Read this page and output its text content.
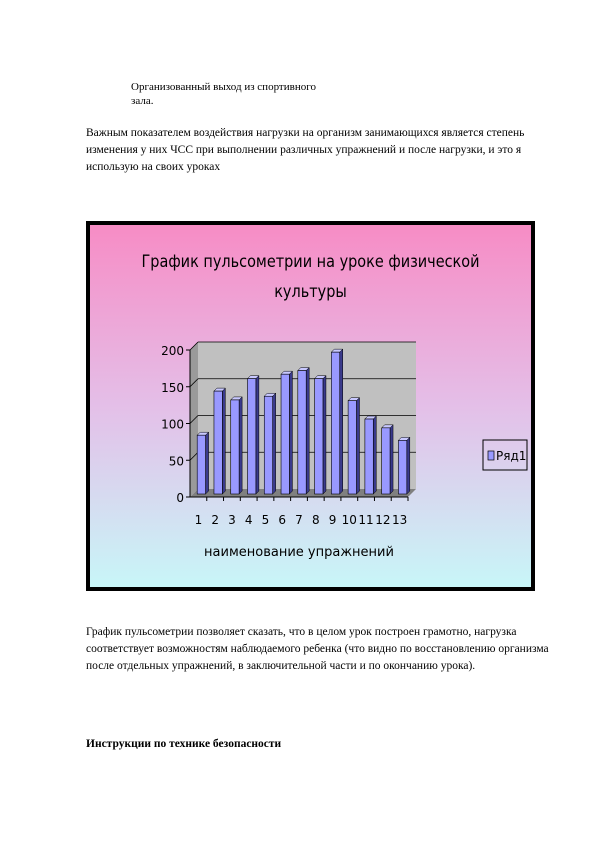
Организованный выход из спортивного зала.
Важным показателем воздействия нагрузки на организм занимающихся является степень изменения у них ЧСС при выполнении различных упражнений и после нагрузки, и это я использую на своих уроках
График пульсометрии на уроке физической культуры
0
50
100
150
200
1 2 3 4 5 6 7 8 9 10 11 12 13
наименование упражнений
Ряд1
График пульсометрии позволяет сказать, что в целом урок построен грамотно, нагрузка соответствует возможностям наблюдаемого ребенка (что видно по восстановлению организма после отдельных упражнений, в заключительной части и по окончанию урока).
Инструкции по технике безопасности
